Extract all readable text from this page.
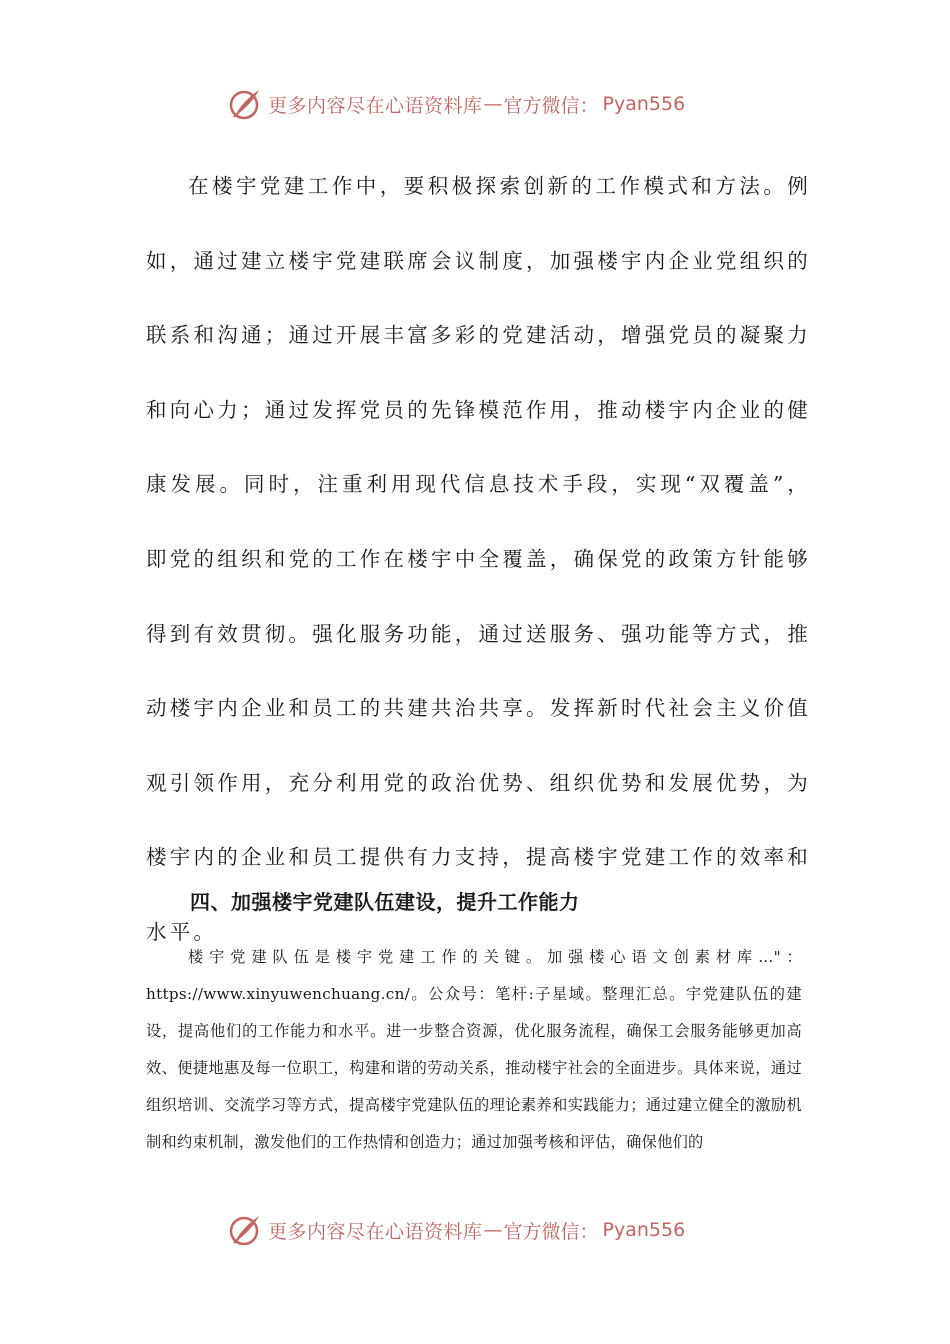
更多内容尽在心语资料库 — 官方微信： Pyan556

在楼宇党建工作中，要积极探索创新的工作模式和方法。例如，通过建立楼宇党建联席会议制度，加强楼宇内企业党组织的联系和沟通；通过开展丰富多彩的党建活动，增强党员的凝聚力和向心力；通过发挥党员的先锋模范作用，推动楼宇内企业的健康发展。同时，注重利用现代信息技术手段，实现“双覆盖”，即党的组织和党的工作在楼宇中全覆盖，确保党的政策方针能够得到有效贯彻。强化服务功能，通过送服务、强功能等方式，推动楼宇内企业和员工的共建共治共享。发挥新时代社会主义价值观引领作用，充分利用党的政治优势、组织优势和发展优势，为楼宇内的企业和员工提供有力支持，提高楼宇党建工作的效率和水平。

四、加强楼宇党建队伍建设，提升工作能力

楼宇党建队伍是楼宇党建工作的关键。加强楼心语文创素材库…"：https://www.xinyuwenchuang.cn/。公众号：笔杆:子星域。整理汇总。宇党建队伍的建设，提高他们的工作能力和水平。进一步整合资源，优化服务流程，确保工会服务能够更加高效、便捷地惠及每一位职工，构建和谐的劳动关系，推动楼宇社会的全面进步。具体来说，通过组织培训、交流学习等方式，提高楼宇党建队伍的理论素养和实践能力；通过建立健全的激励机制和约束机制，激发他们的工作热情和创造力；通过加强考核和评估，确保他们的

更多内容尽在心语资料库 — 官方微信： Pyan556
